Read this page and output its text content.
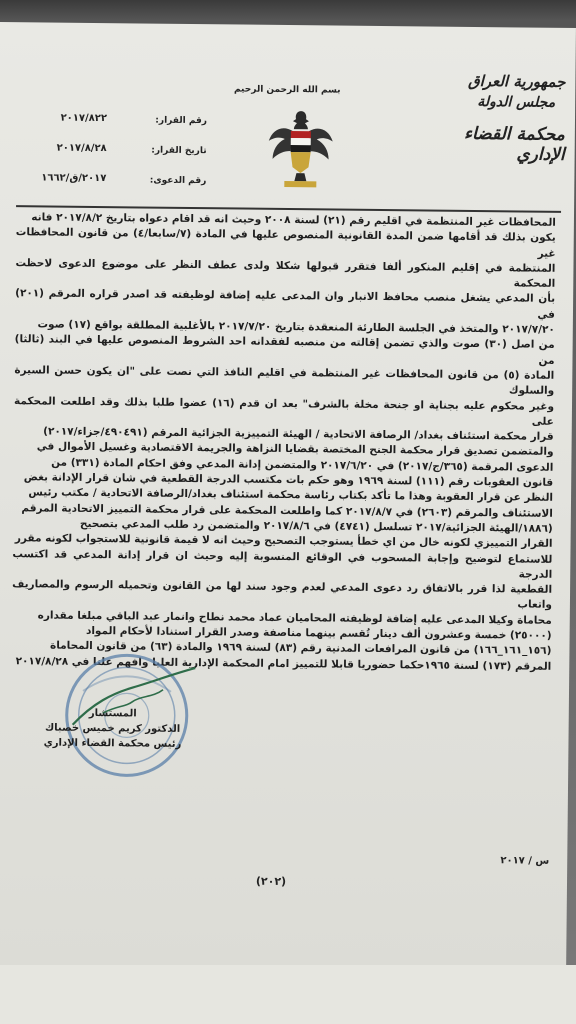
بسم الله الرحمن الرحيم	جمهورية العراق
مجلس الدولة
محكمة القضاء الإداري
رقم القرار:
تاريخ القرار:
رقم الدعوى:
٢٠١٧/٨٢٢
٢٠١٧/٨/٢٨
٢٠١٧/ق/١٦٦٢

المحافظات غير المنتظمة في اقليم رقم (٢١) لسنة ٢٠٠٨ وحيث انه قد اقام دعواه بتاريخ ٢٠١٧/٨/٢ فانه

يكون بذلك قد أقامها ضمن المدة القانونية المنصوص عليها في المادة (٧/سابعا/٤) من قانون المحافظات غير

المنتظمة في إقليم المنكور ألفا فتقرر قبولها شكلا ولدى عطف النظر على موضوع الدعوى لاحظت المحكمة

بأن المدعي يشغل منصب محافظ الانبار وان المدعى عليه إضافة لوظيفته قد اصدر قراره المرقم (٢٠١) في

٢٠١٧/٧/٢٠ والمتخذ في الجلسة الطارئة المنعقدة بتاريخ ٢٠١٧/٧/٢٠ بالأغلبية المطلقة بواقع (١٧) صوت

من اصل (٣٠) صوت والذي تضمن إقالته من منصبه لفقدانه احد الشروط المنصوص عليها في البند (ثالثا) من

المادة (٥) من قانون المحافظات غير المنتظمة في اقليم النافذ التي نصت على "ان يكون حسن السيرة والسلوك

وغير محكوم عليه بجناية او جنحة مخلة بالشرف" بعد ان قدم (١٦) عضوا طلبا بذلك وقد اطلعت المحكمة على

قرار محكمة استئناف بغداد/ الرصافة الاتحادية / الهيئة التمييزية الجزائية المرقم (٤٩٠٤٩١/جزاء/٢٠١٧)

والمتضمن تصديق قرار محكمة الجنح المختصة بقضايا النزاهة والجريمة الاقتصادية وغسيل الأموال في

الدعوى المرقمة (٣٦٥/ج/٢٠١٧) في ٢٠١٧/٦/٢٠ والمتضمن إدانة المدعي وفق احكام المادة (٣٣١) من

قانون العقوبات رقم (١١١) لسنة ١٩٦٩ وهو حكم بات مكتسب الدرجة القطعية في شان قرار الإدانة بغض

النظر عن قرار العقوبة وهذا ما تأكد بكتاب رئاسة محكمة استئناف بغداد/الرصافة الاتحادية / مكتب رئيس

الاستئناف والمرقم (٢٦٠٣) في ٢٠١٧/٨/٧ كما واطلعت المحكمة على قرار محكمة التمييز الاتحادية المرقم

(١٨٨٦/الهيئة الجزائية/٢٠١٧ تسلسل (٤٧٤١) في ٢٠١٧/٨/٦ والمتضمن رد طلب المدعي بتصحيح

القرار التمييزي لكونه خال من اي خطأ يستوجب التصحيح وحيث انه لا قيمة قانونية للاستجواب لكونه مقرر

للاستماع لتوضيح وإجابة المسحوب في الوقائع المنسوبة إليه وحيث ان قرار إدانة المدعي قد اكتسب الدرجة

القطعية لذا قرر بالاتفاق رد دعوى المدعي لعدم وجود سند لها من القانون وتحميله الرسوم والمصاريف واتعاب

محاماة وكيلا المدعى عليه إضافة لوظيفته المحاميان عماد محمد نطاح وانمار عبد الباقي مبلغا مقداره

(٢٥٠٠٠) خمسة وعشرون ألف دينار تُقسم بينهما مناصفة وصدر القرار استنادا لأحكام المواد

(١٥٦_١٦١_١٦٦) من قانون المرافعات المدنية رقم (٨٣) لسنة ١٩٦٩ والمادة (٦٣) من قانون المحاماة

المرقم (١٧٣) لسنة ١٩٦٥حكما حضوريا قابلا للتمييز امام المحكمة الإدارية العليا وافهم علنا في ٢٠١٧/٨/٢٨

المستشار
الدكتور كريم خميس خصباك
رئيس محكمة القضاء الإداري
س / ٢٠١٧
(٢٠٢)
